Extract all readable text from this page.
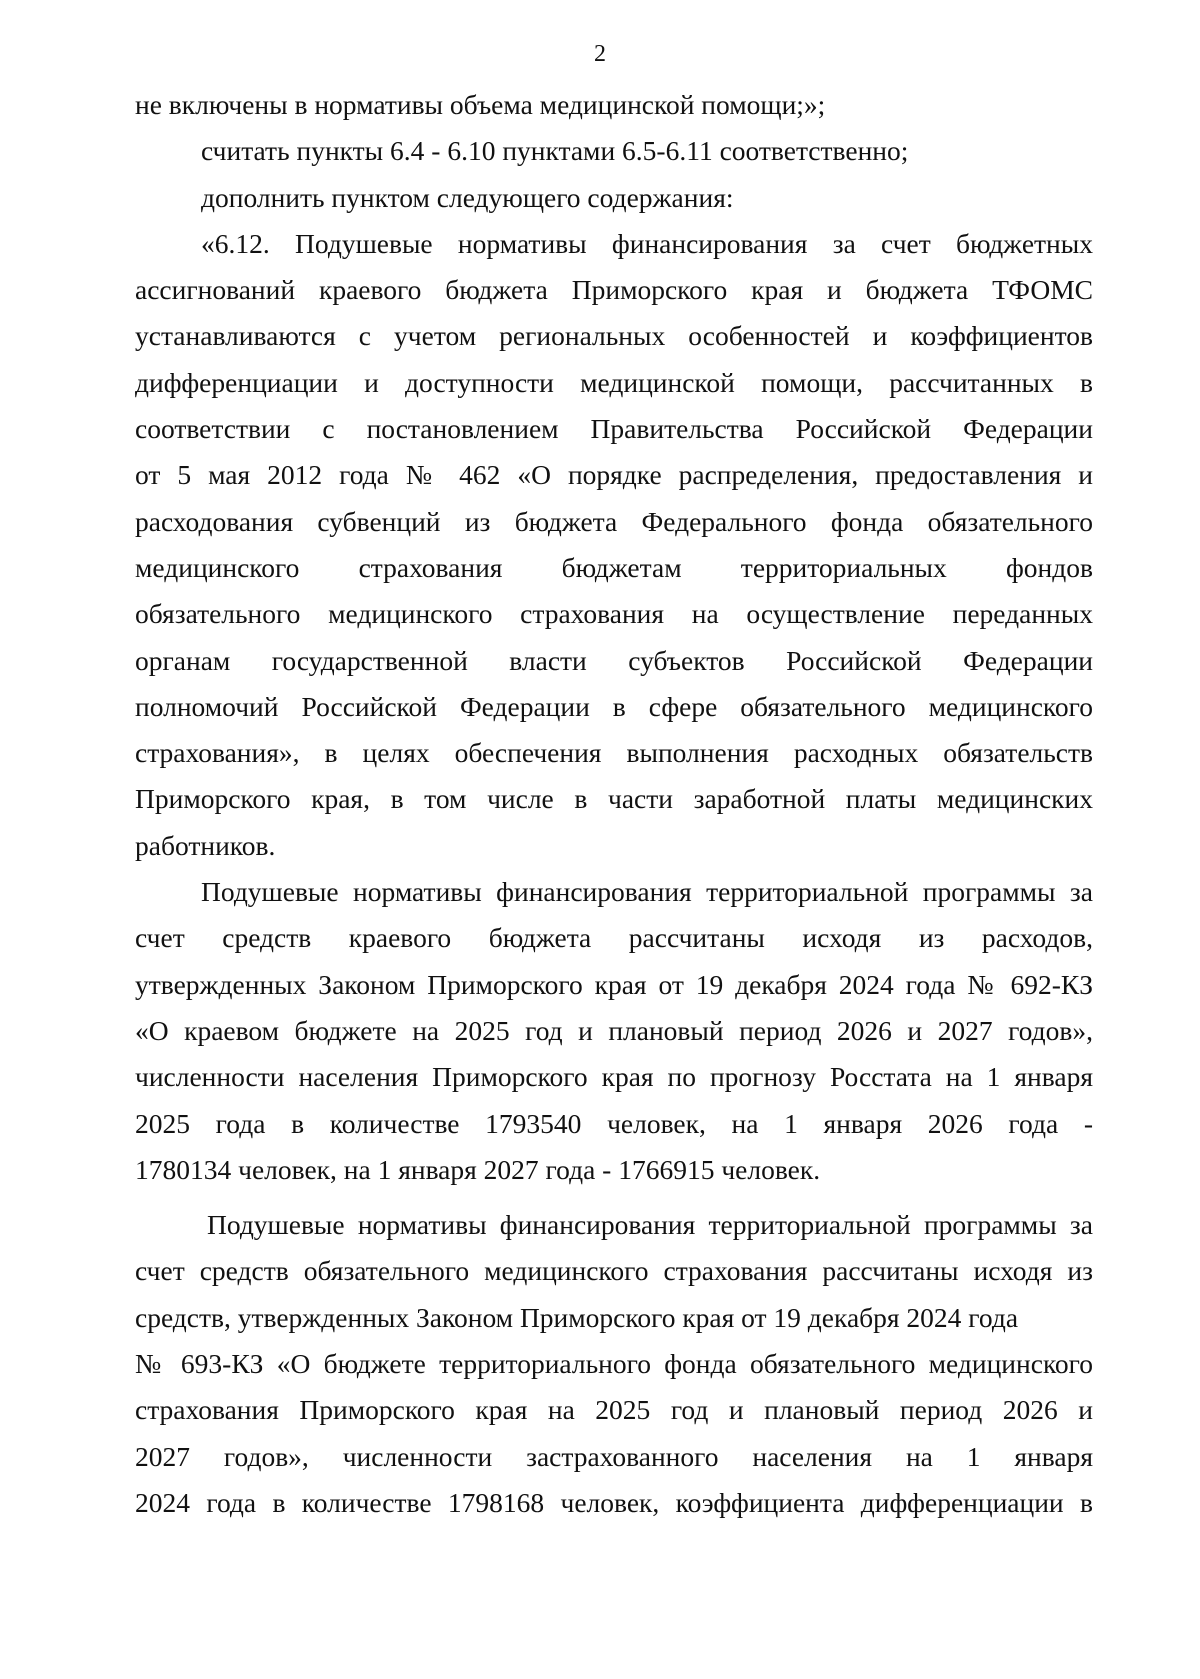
2
не включены в нормативы объема медицинской помощи;»;
считать пункты 6.4 - 6.10 пунктами 6.5-6.11 соответственно;
дополнить пунктом следующего содержания:
«6.12. Подушевые нормативы финансирования за счет бюджетных
ассигнований краевого бюджета Приморского края и бюджета ТФОМС
устанавливаются с учетом региональных особенностей и коэффициентов
дифференциации и доступности медицинской помощи, рассчитанных в
соответствии с постановлением Правительства Российской Федерации
от 5 мая 2012 года № 462 «О порядке распределения, предоставления и
расходования субвенций из бюджета Федерального фонда обязательного
медицинского страхования бюджетам территориальных фондов
обязательного медицинского страхования на осуществление переданных
органам государственной власти субъектов Российской Федерации
полномочий Российской Федерации в сфере обязательного медицинского
страхования», в целях обеспечения выполнения расходных обязательств
Приморского края, в том числе в части заработной платы медицинских
работников.
Подушевые нормативы финансирования территориальной программы за
счет средств краевого бюджета рассчитаны исходя из расходов,
утвержденных Законом Приморского края от 19 декабря 2024 года № 692-КЗ
«О краевом бюджете на 2025 год и плановый период 2026 и 2027 годов»,
численности населения Приморского края по прогнозу Росстата на 1 января
2025 года в количестве 1793540 человек, на 1 января 2026 года -
1780134 человек, на 1 января 2027 года - 1766915 человек.
Подушевые нормативы финансирования территориальной программы за
счет средств обязательного медицинского страхования рассчитаны исходя из
средств, утвержденных Законом Приморского края от 19 декабря 2024 года
№ 693-КЗ «О бюджете территориального фонда обязательного медицинского
страхования Приморского края на 2025 год и плановый период 2026 и
2027 годов», численности застрахованного населения на 1 января
2024 года в количестве 1798168 человек, коэффициента дифференциации в
